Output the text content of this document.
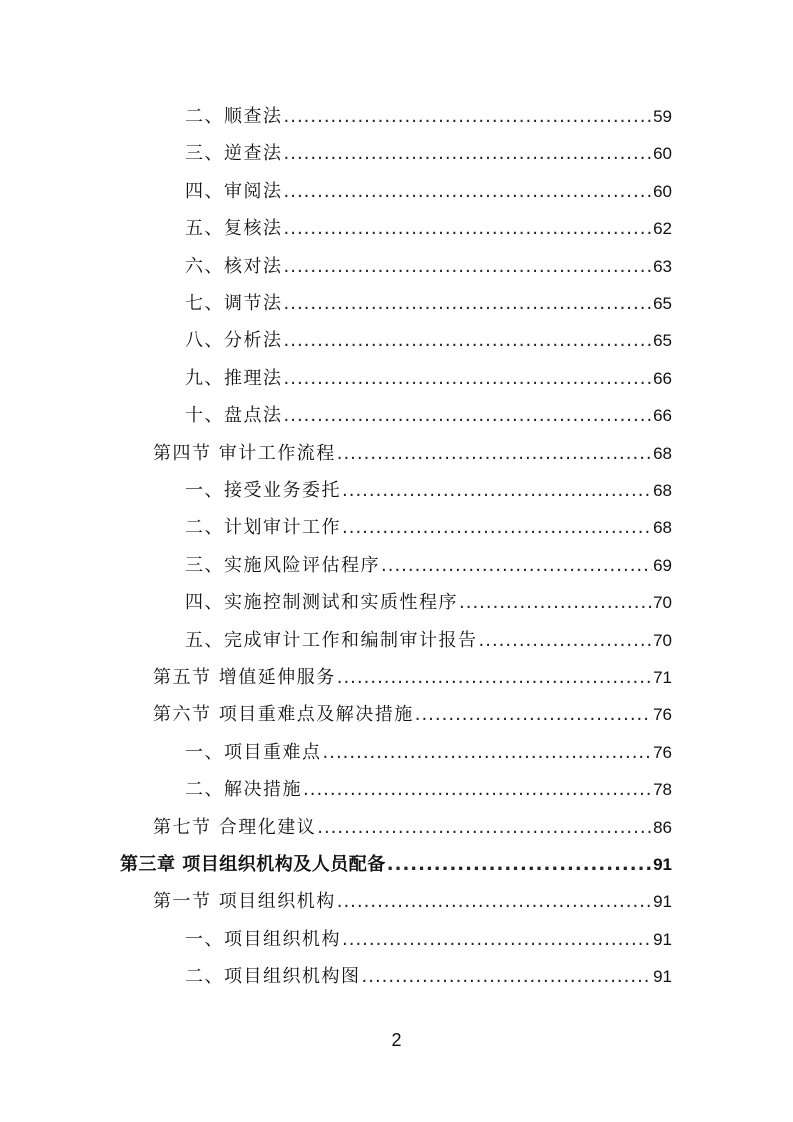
二、顺查法 .....	59
三、逆查法 .....	60
四、审阅法 .....	60
五、复核法 .....	62
六、核对法 .....	63
七、调节法 .....	65
八、分析法 .....	65
九、推理法 .....	66
十、盘点法 .....	66
第四节 审计工作流程 .....	68
一、接受业务委托 .....	68
二、计划审计工作 .....	68
三、实施风险评估程序 .....	69
四、实施控制测试和实质性程序 .....	70
五、完成审计工作和编制审计报告 .....	70
第五节 增值延伸服务 .....	71
第六节 项目重难点及解决措施 .....	76
一、项目重难点 .....	76
二、解决措施 .....	78
第七节 合理化建议 .....	86
第三章 项目组织机构及人员配备 .....	91
第一节 项目组织机构 .....	91
一、项目组织机构 .....	91
二、项目组织机构图 .....	91
2
